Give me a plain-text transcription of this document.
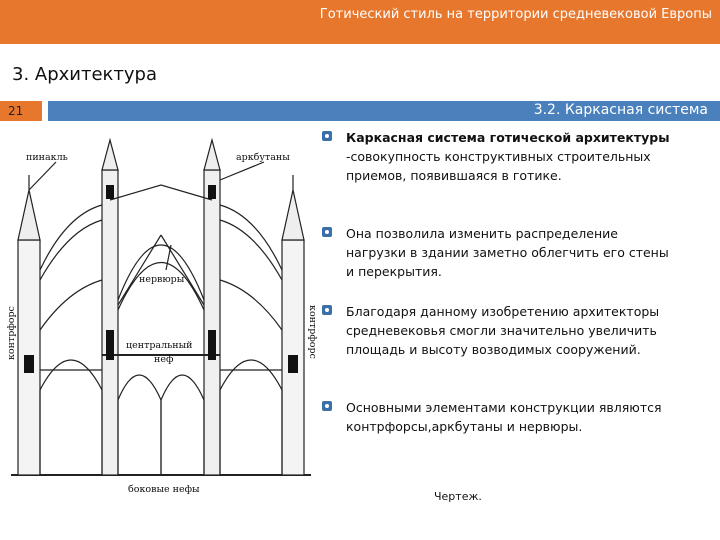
Готический стиль на территории средневековой Европы
3. Архитектура
21	3.2. Каркасная система
пинакль	аркбутаны
нервюры
центральный
неф
боковые нефы
контрфорс	контрфорс
Каркасная система готической архитектуры -совокупность конструктивных строительных приемов, появившаяся в готике.
Она позволила изменить распределение нагрузки в здании заметно облегчить его стены и перекрытия.
Благодаря данному изобретению архитекторы средневековья смогли значительно увеличить площадь и высоту возводимых сооружений.
Основными элементами конструкции являются контрфорсы,аркбутаны и нервюры.
Чертеж.
